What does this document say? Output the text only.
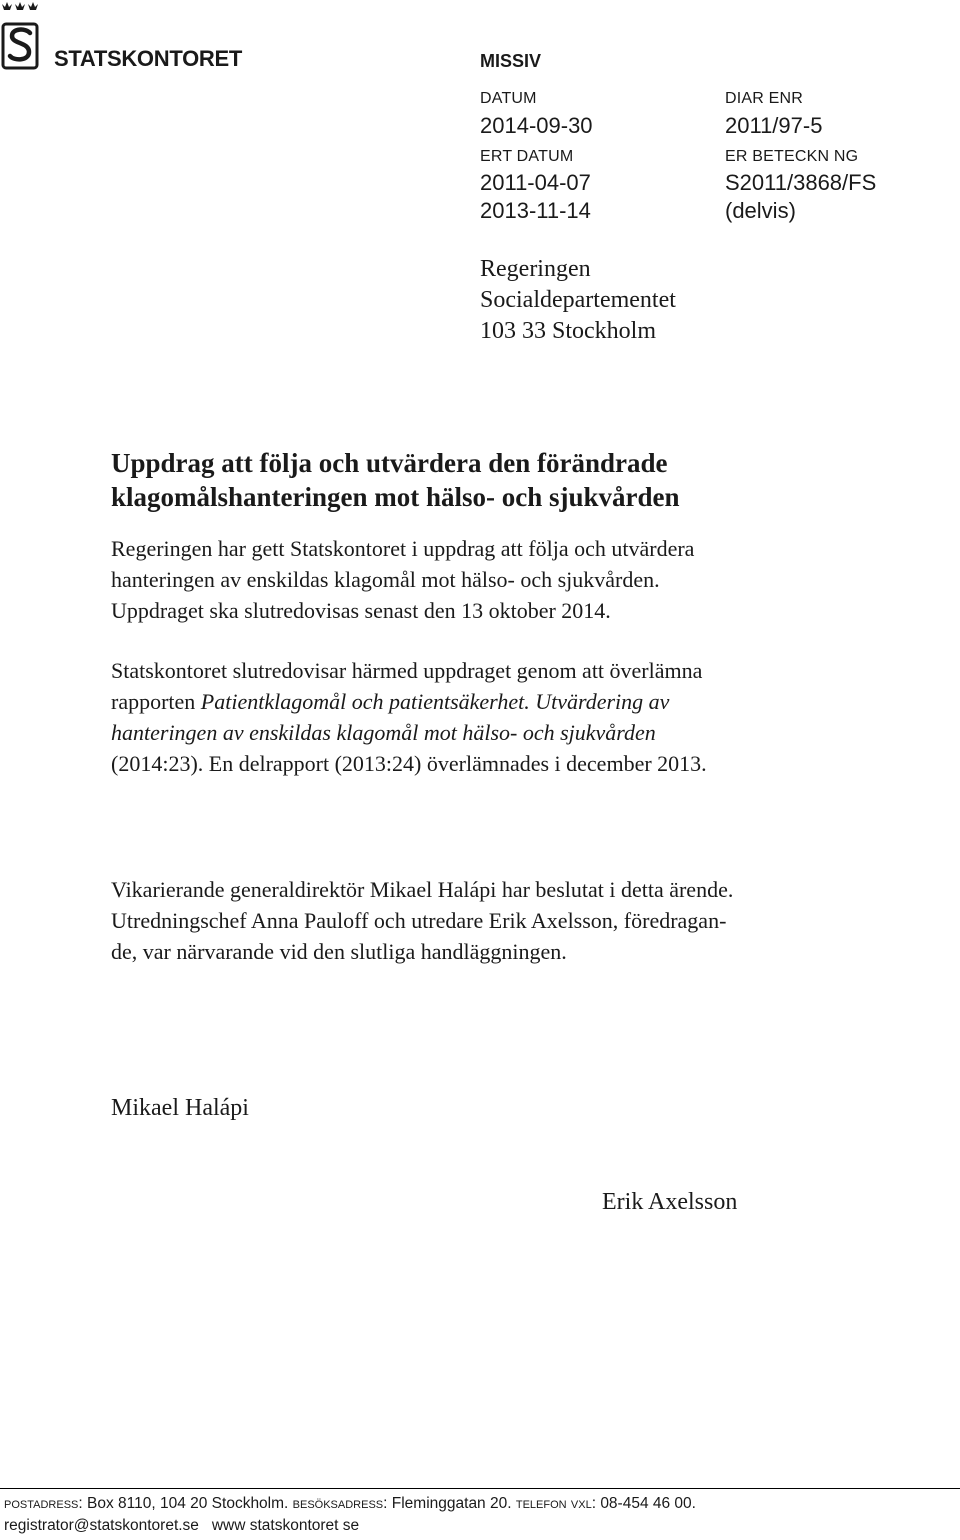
STATSKONTORET	MISSIV
DATUM
2014-09-30
DIAR ENR
2011/97-5
ERT DATUM
2011-04-07
2013-11-14
ER BETECKN NG
S2011/3868/FS
(delvis)
Regeringen
Socialdepartementet
103 33 Stockholm
Uppdrag att följa och utvärdera den förändrade
klagomålshanteringen mot hälso- och sjukvården
Regeringen har gett Statskontoret i uppdrag att följa och utvärdera
hanteringen av enskildas klagomål mot hälso- och sjukvården.
Uppdraget ska slutredovisas senast den 13 oktober 2014.
Statskontoret slutredovisar härmed uppdraget genom att överlämna
rapporten Patientklagomål och patientsäkerhet. Utvärdering av
hanteringen av enskildas klagomål mot hälso- och sjukvården
(2014:23). En delrapport (2013:24) överlämnades i december 2013.
Vikarierande generaldirektör Mikael Halápi har beslutat i detta ärende.
Utredningschef Anna Pauloff och utredare Erik Axelsson, föredragan-
de, var närvarande vid den slutliga handläggningen.
Mikael Halápi
Erik Axelsson
postadress: Box 8110, 104 20 Stockholm. besöksadress: Fleminggatan 20. telefon vxl: 08-454 46 00.
registrator@statskontoret.se www statskontoret se
